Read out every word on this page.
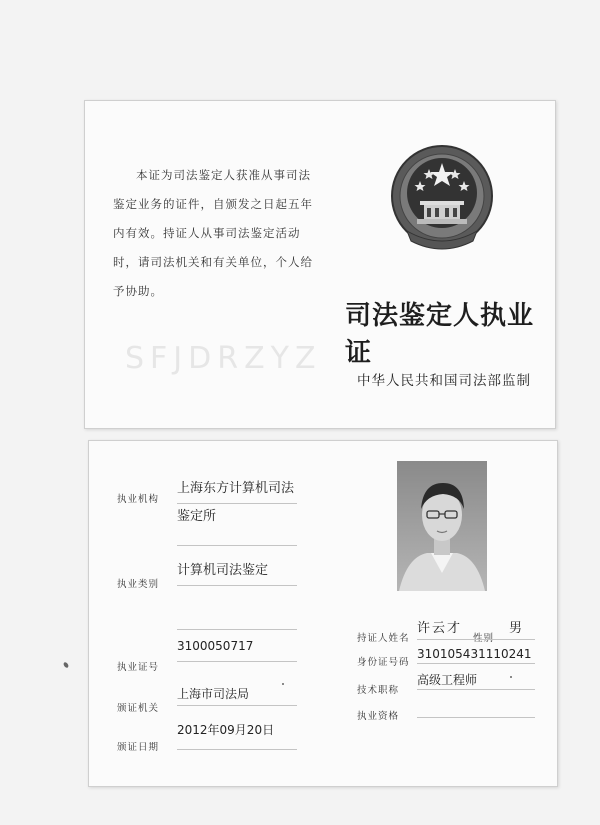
SFJDRZYZ
本证为司法鉴定人获准从事司法鉴定业务的证件，自颁发之日起五年内有效。持证人从事司法鉴定活动时，请司法机关和有关单位，个人给予协助。
司法鉴定人执业证
中华人民共和国司法部监制
执业机构
上海东方计算机司法
鉴定所
计算机司法鉴定
执业类别
3100050717
执业证号
上海市司法局
颁证机关
2012年09月20日
颁证日期
持证人姓名
许云才
性别
男
身份证号码
310105431110241
技术职称
高级工程师
执业资格
